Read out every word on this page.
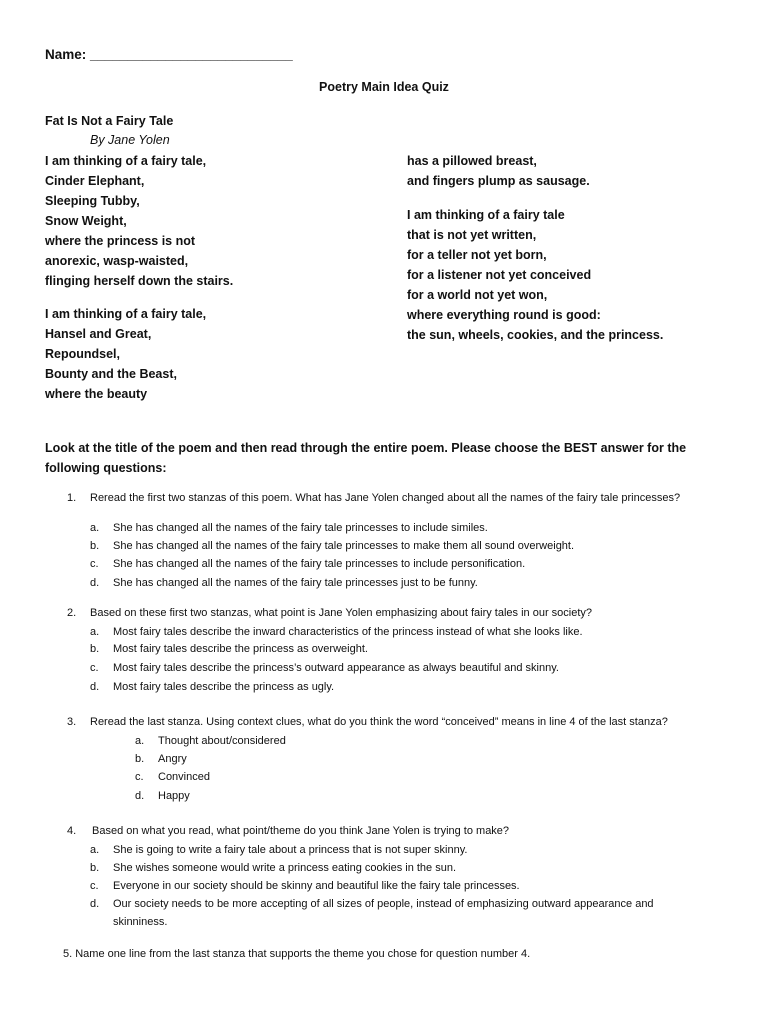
Name: ___________________________
Poetry Main Idea Quiz
Fat Is Not a Fairy Tale
By Jane Yolen
I am thinking of a fairy tale,
Cinder Elephant,
Sleeping Tubby,
Snow Weight,
where the princess is not
anorexic, wasp-waisted,
flinging herself down the stairs.
I am thinking of a fairy tale,
Hansel and Great,
Repoundsel,
Bounty and the Beast,
where the beauty
has a pillowed breast,
and fingers plump as sausage.
I am thinking of a fairy tale
that is not yet written,
for a teller not yet born,
for a listener not yet conceived
for a world not yet won,
where everything round is good:
the sun, wheels, cookies, and the princess.
Look at the title of the poem and then read through the entire poem. Please choose the BEST answer for the following questions:
1. Reread the first two stanzas of this poem. What has Jane Yolen changed about all the names of the fairy tale princesses?
a. She has changed all the names of the fairy tale princesses to include similes.
b. She has changed all the names of the fairy tale princesses to make them all sound overweight.
c. She has changed all the names of the fairy tale princesses to include personification.
d. She has changed all the names of the fairy tale princesses just to be funny.
2. Based on these first two stanzas, what point is Jane Yolen emphasizing about fairy tales in our society?
a. Most fairy tales describe the inward characteristics of the princess instead of what she looks like.
b. Most fairy tales describe the princess as overweight.
c. Most fairy tales describe the princess’s outward appearance as always beautiful and skinny.
d. Most fairy tales describe the princess as ugly.
3. Reread the last stanza. Using context clues, what do you think the word “conceived” means in line 4 of the last stanza?
a. Thought about/considered
b. Angry
c. Convinced
d. Happy
4. Based on what you read, what point/theme do you think Jane Yolen is trying to make?
a. She is going to write a fairy tale about a princess that is not super skinny.
b. She wishes someone would write a princess eating cookies in the sun.
c. Everyone in our society should be skinny and beautiful like the fairy tale princesses.
d. Our society needs to be more accepting of all sizes of people, instead of emphasizing outward appearance and
skinniness.
5. Name one line from the last stanza that supports the theme you chose for question number 4.
